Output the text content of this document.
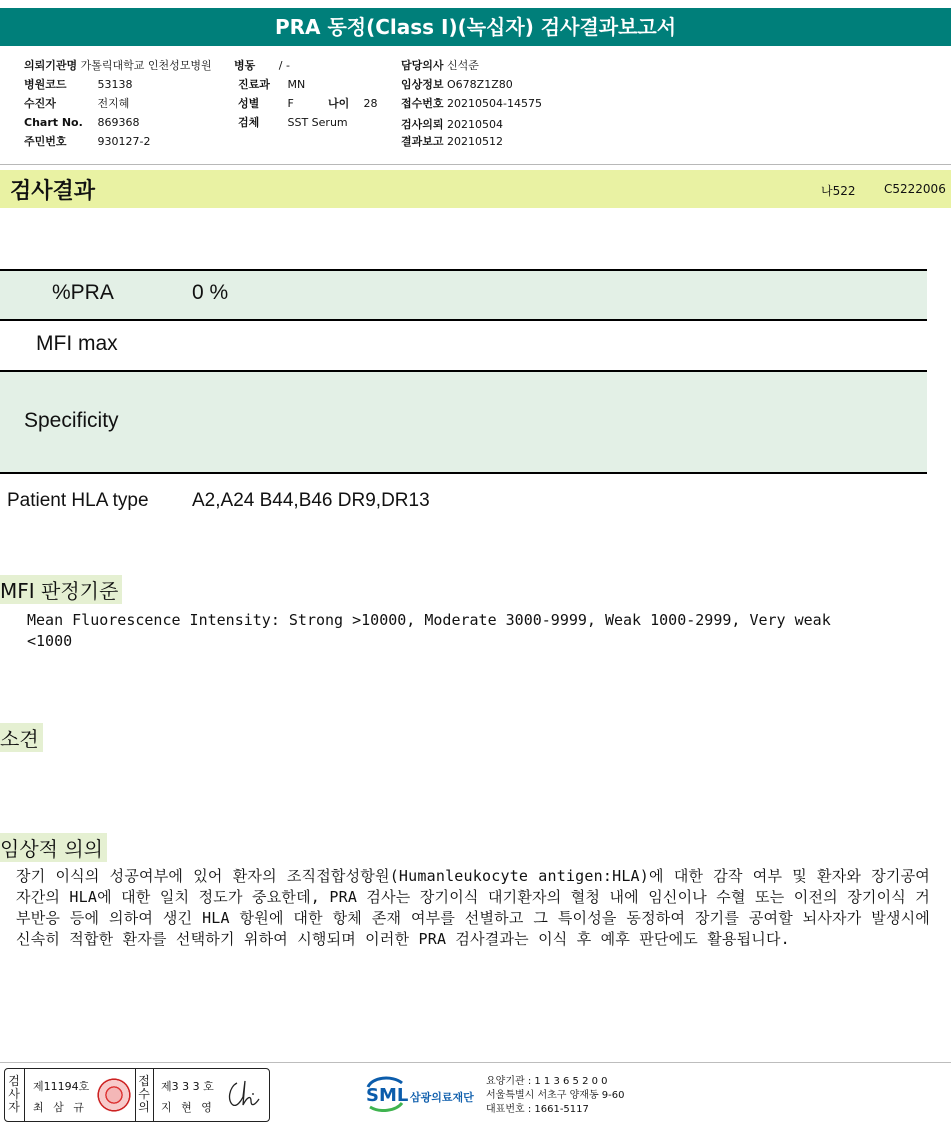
PRA 동정(Class I)(녹십자) 검사결과보고서
의뢰기관명 가톨릭대학교 인천성모병원 병동 / -	담당의사 신석준
병원코드	53138	진료과 MN	임상정보 O678Z1Z80
수진자	전지혜	성별	F	나이 28 접수번호 20210504-14575
Chart No. 869368	검체	SST Serum	검사의뢰 20210504
주민번호	930127-2	결과보고 20210512
검사결과	나522 C5222006
%PRA	0 %
MFI max
Specificity
Patient HLA type A2,A24 B44,B46 DR9,DR13
MFI 판정기준
Mean Fluorescence Intensity: Strong >10000, Moderate 3000-9999, Weak 1000-2999, Very weak
<1000
소견
임상적 의의
장기 이식의 성공여부에 있어 환자의 조직접합성항원(Humanleukocyte antigen:HLA)에 대한 감작 여부 및 환자와 장기공여자간의 HLA에 대한 일치 정도가 중요한데, PRA 검사는 장기이식 대기환자의 혈청 내에 임신이나 수혈 또는 이전의 장기이식 거부반응 등에 의하여 생긴 HLA 항원에 대한 항체 존재 여부를 선별하고 그 특이성을 동정하여 장기를 공여할 뇌사자가 발생시에 신속히 적합한 환자를 선택하기 위하여 시행되며 이러한 PRA 검사결과는 이식 후 예후 판단에도 활용됩니다.
검사자
제11194호
최 삼 규
접수의
제3 3 3 호
지 현 영
SML 삼광의료재단
요양기관 : 1 1 3 6 5 2 0 0
서울특별시 서초구 양재동 9-60
대표번호 : 1661-5117
